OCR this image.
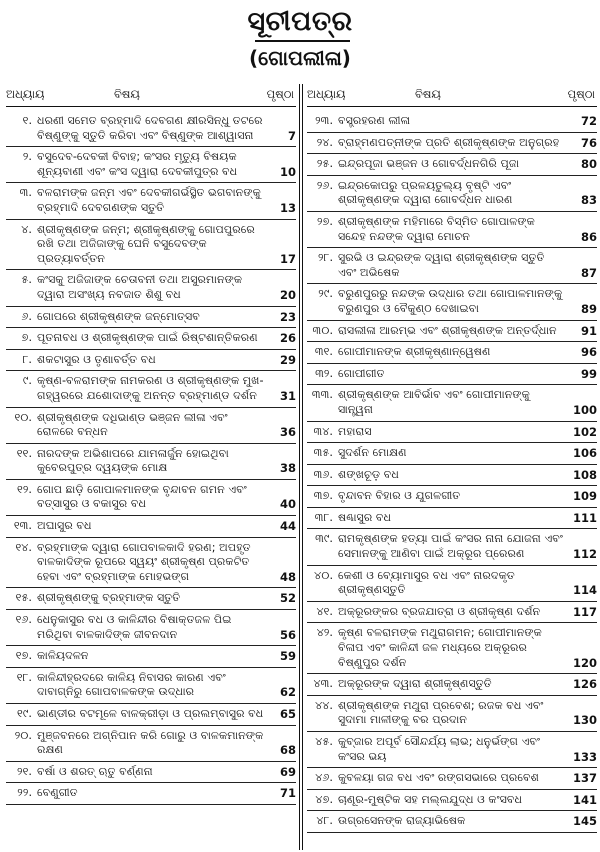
ସୂଚୀପତ୍ର
(ଗୋପଲୀଳା)
ଅଧ୍ୟାୟ	ବିଷୟ	ପୃଷ୍ଠା
୧. ଧରଣୀ ସମେତ ବ୍ରହ୍ମାଦି ଦେବଗଣ କ୍ଷୀରସିନ୍ଧୁ ତଟରେ ବିଷ୍ଣୁଙ୍କୁ ସ୍ତୁତି କରିବା ଏବଂ ବିଷ୍ଣୁଙ୍କ ଆଶ୍ୱାସନା	7
୨. ବସୁଦେବ-ଦେବକୀ ବିବାହ; କଂସର ମୃତ୍ୟୁ ବିଷୟକ ଶୂନ୍ୟବାଣୀ ଏବଂ କଂସ ଦ୍ୱାରା ଦେବକୀପୁତ୍ର ବଧ	10
୩. ବଳରାମଙ୍କ ଜନ୍ମ ଏବଂ ଦେବକୀଗର୍ଭସ୍ଥିତ ଭଗବାନଙ୍କୁ ବ୍ରହ୍ମାଦି ଦେବଗଣଙ୍କ ସ୍ତୁତି	13
୪. ଶ୍ରୀକୃଷ୍ଣଙ୍କ ଜନ୍ମ; ଶ୍ରୀକୃଷ୍ଣଙ୍କୁ ଗୋପପୁରରେ ରଖି ତଥା ଅଜିଜାଙ୍କୁ ଘେନି ବସୁଦେବଙ୍କ ପ୍ରତ୍ୟାବର୍ତ୍ତନ	17
୫. କଂସକୁ ଅଜିଜାଙ୍କ ଚେତାବନୀ ତଥା ଅସୁରମାନଙ୍କ ଦ୍ୱାରା ଅସଂଖ୍ୟ ନବଜାତ ଶିଶୁ ବଧ	20
୬. ଗୋପରେ ଶ୍ରୀକୃଷ୍ଣଙ୍କ ଜନ୍ମୋତ୍ସବ	23
୭. ପୂତନାବଧ ଓ ଶ୍ରୀକୃଷ୍ଣଙ୍କ ପାଇଁ ରିଷ୍ଟଶାନ୍ତିକରଣ	26
୮. ଶକଟାସୁର ଓ ତୃଣାବର୍ତ୍ତ ବଧ	29
୯. କୃଷ୍ଣ-ବଳରାମଙ୍କ ନାମକରଣ ଓ ଶ୍ରୀକୃଷ୍ଣଙ୍କ ମୁଖ-ଗହ୍ୱରରେ ଯଶୋଦାଙ୍କୁ ଅନନ୍ତ ବ୍ରହ୍ମାଣ୍ଡ ଦର୍ଶନ	31
୧୦. ଶ୍ରୀକୃଷ୍ଣଙ୍କ ଦଧିଭାଣ୍ଡ ଭଞ୍ଜନ ଲୀଳା ଏବଂ ରୋଳରେ ବନ୍ଧନ	36
୧୧. ନାରଦଙ୍କ ଅଭିଶାପରେ ଯାମଳାର୍ଜୁନ ହୋଇଥିବା କୁବେରପୁତ୍ର ଦ୍ୱୟଙ୍କ ମୋକ୍ଷ	38
୧୨. ଗୋପ ଛାଡ଼ି ଗୋପାଳମାନଙ୍କ ବୃନ୍ଦାବନ ଗମନ ଏବଂ ବତ୍ସାସୁର ଓ ବକାସୁର ବଧ	40
୧୩. ଅଘାସୁର ବଧ	44
୧୪. ବ୍ରହ୍ମାଙ୍କ ଦ୍ୱାରା ଗୋପବାଳକାଦି ହରଣ; ଅପହୃତ ବାଳକାଦିଙ୍କ ରୂପରେ ସ୍ୱୟଂ ଶ୍ରୀକୃଷ୍ଣ ପ୍ରକଟିତ ହେବା ଏବଂ ବ୍ରହ୍ମାଙ୍କ ମୋହଭଙ୍ଗ	48
୧୫. ଶ୍ରୀକୃଷ୍ଣଙ୍କୁ ବ୍ରହ୍ମାଙ୍କ ସ୍ତୁତି	52
୧୬. ଧେନୁକାସୁର ବଧ ଓ କାଳିନ୍ଦୀର ବିଷାକ୍ତଜଳ ପିଇ ମରିଥିବା ବାଳକାଦିଙ୍କ ଜୀବନଦାନ	56
୧୭. କାଳିୟଦଳନ	59
୧୮. କାଳିନ୍ଦୀହ୍ରଦରେ କାଳିୟ ନିବାସର କାରଣ ଏବଂ ଦାବାଗ୍ନିରୁ ଗୋପବାଳକଙ୍କ ଉଦ୍ଧାର	62
୧୯. ଭାଣ୍ଡୀର ବଟମୂଳେ ବାଳକ୍ରୀଡ଼ା ଓ ପ୍ରଲମ୍ବାସୁର ବଧ	65
୨୦. ମୁଞ୍ଜବନରେ ଅଗ୍ନିପାନ କରି ଗୋରୁ ଓ ବାଳକମାନଙ୍କ ରକ୍ଷଣ	68
୨୧. ବର୍ଷା ଓ ଶରତ୍ ଋତୁ ବର୍ଣ୍ଣନା	69
୨୨. ବେଣୁଗୀତ	71
ଅଧ୍ୟାୟ	ବିଷୟ	ପୃଷ୍ଠା
୨୩. ବସ୍ତ୍ରହରଣ ଲୀଳା	72
୨୪. ବ୍ରାହ୍ମଣପତ୍ନୀଙ୍କ ପ୍ରତି ଶ୍ରୀକୃଷ୍ଣଙ୍କ ଅନୁଗ୍ରହ	76
୨୫. ଇନ୍ଦ୍ରପୂଜା ଭଞ୍ଜନ ଓ ଗୋବର୍ଦ୍ଧନଗିରି ପୂଜା	80
୨୬. ଇନ୍ଦ୍ରକୋପରୁ ପ୍ରଳୟତୁଲ୍ୟ ବୃଷ୍ଟି ଏବଂ ଶ୍ରୀକୃଷ୍ଣଙ୍କ ଦ୍ୱାରା ଗୋବର୍ଦ୍ଧନ ଧାରଣ	83
୨୭. ଶ୍ରୀକୃଷ୍ଣଙ୍କ ମହିମାରେ ବିସ୍ମିତ ଗୋପାଳଙ୍କ ସନ୍ଦେହ ନନ୍ଦଙ୍କ ଦ୍ୱାରା ମୋଚନ	86
୨୮. ସୁରଭି ଓ ଇନ୍ଦ୍ରଙ୍କ ଦ୍ୱାରା ଶ୍ରୀକୃଷ୍ଣଙ୍କ ସ୍ତୁତି ଏବଂ ଅଭିଷେକ	87
୨୯. ବରୁଣପୁରରୁ ନନ୍ଦଙ୍କ ଉଦ୍ଧାର ତଥା ଗୋପାଳମାନଙ୍କୁ ବରୁଣପୁର ଓ ବୈକୁଣ୍ଠ ଦେଖାଇବା	89
୩୦. ରାସଲୀଳା ଆରମ୍ଭ ଏବଂ ଶ୍ରୀକୃଷ୍ଣଙ୍କ ଅନ୍ତର୍ଦ୍ଧାନ	91
୩୧. ଗୋପୀମାନଙ୍କ ଶ୍ରୀକୃଷ୍ଣାନ୍ୱେଷଣ	96
୩୨. ଗୋପୀଗୀତ	99
୩୩. ଶ୍ରୀକୃଷ୍ଣଙ୍କ ଆବିର୍ଭାବ ଏବଂ ଗୋପୀମାନଙ୍କୁ ସାନ୍ତ୍ୱନା	100
୩୪. ମହାରାସ	102
୩୫. ସୁଦର୍ଶନ ମୋକ୍ଷଣ	106
୩୬. ଶଙ୍ଖଚୂଡ଼ ବଧ	108
୩୭. ବୃନ୍ଦାବନ ବିହାର ଓ ଯୁଗଳଗୀତ	109
୩୮. ଷଣ୍ଢାସୁର ବଧ	111
୩୯. ରାମକୃଷ୍ଣଙ୍କ ହତ୍ୟା ପାଇଁ କଂସର ନାନା ଯୋଜନା ଏବଂ ସେମାନଙ୍କୁ ଆଣିବା ପାଇଁ ଅକ୍ରୂର ପ୍ରେରଣ	112
୪୦. କେଶୀ ଓ ବ୍ୟୋମାସୁର ବଧ ଏବଂ ନାରଦକୃତ ଶ୍ରୀକୃଷ୍ଣସ୍ତୁତି	114
୪୧. ଅକ୍ରୂରଙ୍କର ବ୍ରଜଯାତ୍ରା ଓ ଶ୍ରୀକୃଷ୍ଣ ଦର୍ଶନ	117
୪୨. କୃଷ୍ଣ ବଳରାମଙ୍କ ମଥୁରାଗମନ; ଗୋପୀମାନଙ୍କ ବିଳାପ ଏବଂ କାଳିନ୍ଦୀ ଜଳ ମଧ୍ୟରେ ଅକ୍ରୂରର ବିଷ୍ଣୁପୁର ଦର୍ଶନ	120
୪୩. ଅକ୍ରୂରଙ୍କ ଦ୍ୱାରା ଶ୍ରୀକୃଷ୍ଣସ୍ତୁତି	126
୪୪. ଶ୍ରୀକୃଷ୍ଣଙ୍କ ମଥୁରା ପ୍ରବେଶ; ରଜକ ବଧ ଏବଂ ସୁଦାମା ମାଳୀଙ୍କୁ ବର ପ୍ରଦାନ	130
୪୫. କୁବ୍‌ଜାର ଅପୂର୍ବ ସୌନ୍ଦର୍ଯ୍ୟ ଲାଭ; ଧନୁର୍ଭଙ୍ଗ ଏବଂ କଂସର ଭୟ	133
୪୬. କୁବଳୟା ଗଜ ବଧ ଏବଂ ରଙ୍ଗସଭାରେ ପ୍ରବେଶ	137
୪୭. ଚାଣୂର-ମୁଷ୍ଟିକ ସହ ମଲ୍ଲଯୁଦ୍ଧ ଓ କଂସବଧ	141
୪୮. ଉଗ୍ରସେନଙ୍କ ରାଜ୍ୟାଭିଷେକ	145
